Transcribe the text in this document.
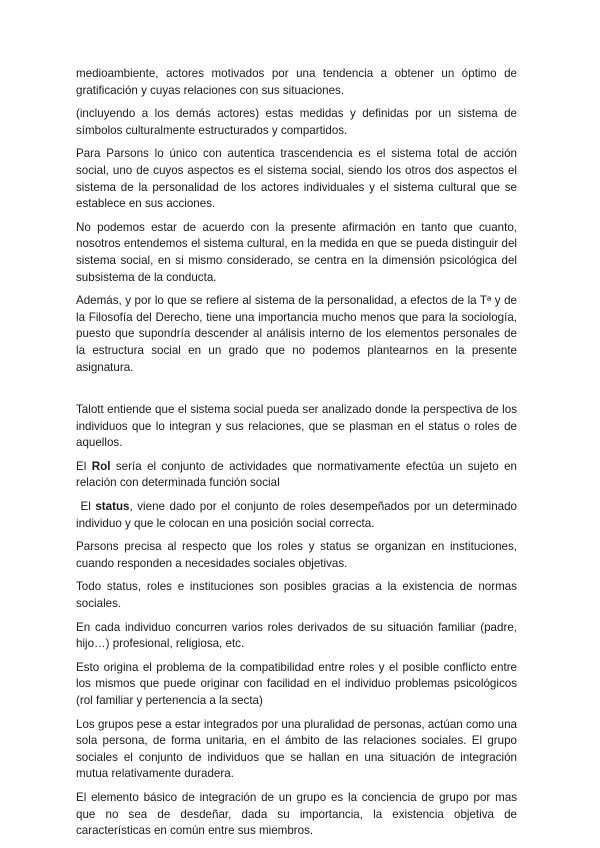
medioambiente, actores motivados por una tendencia a obtener un óptimo de gratificación y cuyas relaciones con sus situaciones.

(incluyendo a los demás actores) estas medidas y definidas por un sistema de símbolos culturalmente estructurados y compartidos.

Para Parsons lo único con autentica trascendencia es el sistema total de acción social, uno de cuyos aspectos es el sistema social, siendo los otros dos aspectos el sistema de la personalidad de los actores individuales y el sistema cultural que se establece en sus acciones.

No podemos estar de acuerdo con la presente afirmación en tanto que cuanto, nosotros entendemos el sistema cultural, en la medida en que se pueda distinguir del sistema social, en si mismo considerado, se centra en la dimensión psicológica del subsistema de la conducta.

Además, y por lo que se refiere al sistema de la personalidad, a efectos de la Tª y de la Filosofía del Derecho, tiene una importancia mucho menos que para la sociología, puesto que supondría descender al análisis interno de los elementos personales de la estructura social en un grado que no podemos plantearnos en la presente asignatura.

Talott entiende que el sistema social pueda ser analizado donde la perspectiva de los individuos que lo integran y sus relaciones, que se plasman en el status o roles de aquellos.

El Rol sería el conjunto de actividades que normativamente efectúa un sujeto en relación con determinada función social

El status, viene dado por el conjunto de roles desempeñados por un determinado individuo y que le colocan en una posición social correcta.

Parsons precisa al respecto que los roles y status se organizan en instituciones, cuando responden a necesidades sociales objetivas.

Todo status, roles e instituciones son posibles gracias a la existencia de normas sociales.

En cada individuo concurren varios roles derivados de su situación familiar (padre, hijo…) profesional, religiosa, etc.

Esto origina el problema de la compatibilidad entre roles y el posible conflicto entre los mismos que puede originar con facilidad en el individuo problemas psicológicos (rol familiar y pertenencia a la secta)

Los grupos pese a estar integrados por una pluralidad de personas, actúan como una sola persona, de forma unitaria, en el ámbito de las relaciones sociales. El grupo sociales el conjunto de individuos que se hallan en una situación de integración mutua relativamente duradera.

El elemento básico de integración de un grupo es la conciencia de grupo por mas que no sea de desdeñar, dada su importancia, la existencia objetiva de características en común entre sus miembros.
